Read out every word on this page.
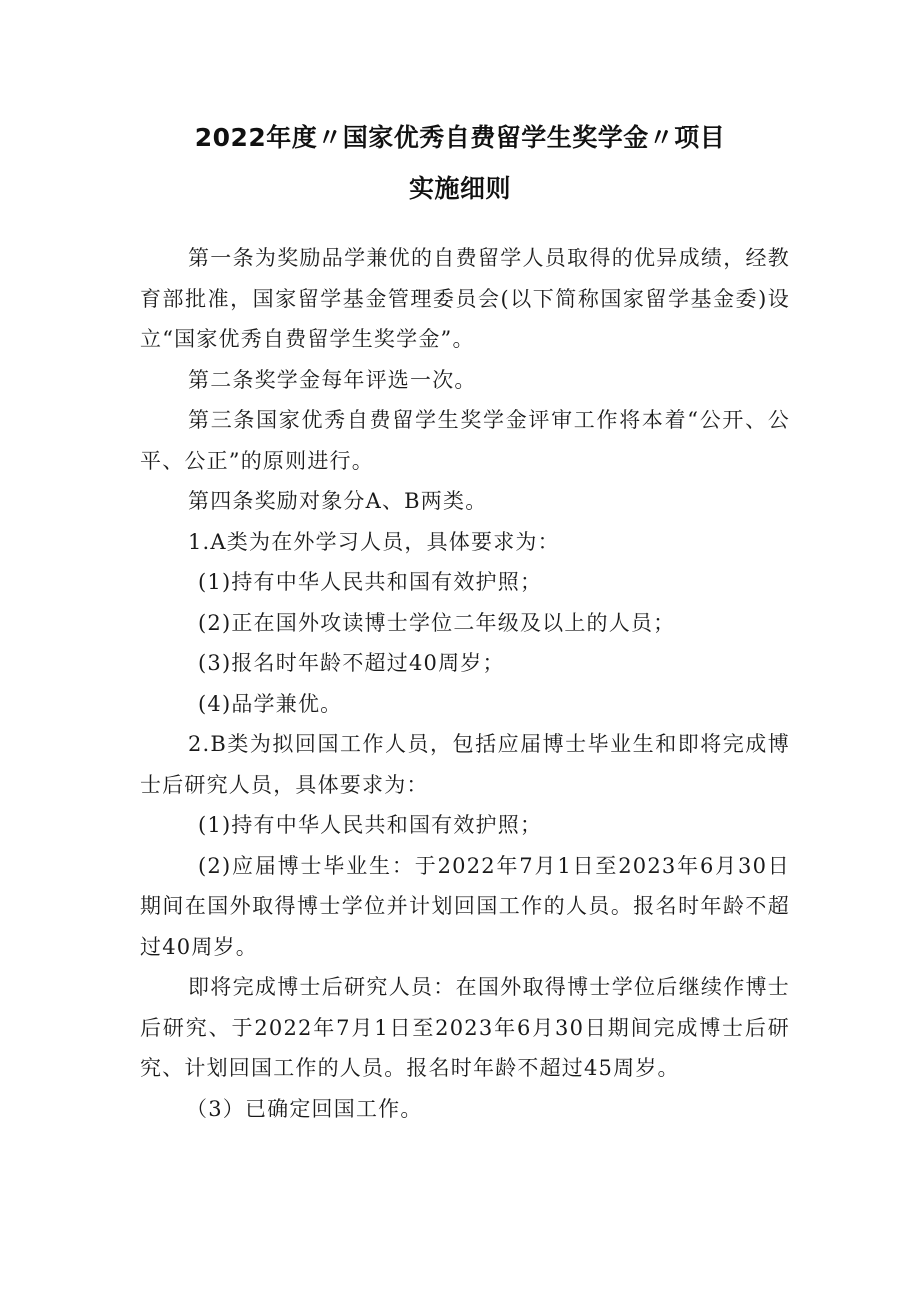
2022年度〃国家优秀自费留学生奖学金〃项目
实施细则

第一条为奖励品学兼优的自费留学人员取得的优异成绩，经教育部批准，国家留学基金管理委员会(以下简称国家留学基金委)设立“国家优秀自费留学生奖学金”。

第二条奖学金每年评选一次。

第三条国家优秀自费留学生奖学金评审工作将本着“公开、公平、公正”的原则进行。

第四条奖励对象分A、B两类。

1.A类为在外学习人员，具体要求为：

(1)持有中华人民共和国有效护照；

(2)正在国外攻读博士学位二年级及以上的人员；

(3)报名时年龄不超过40周岁；

(4)品学兼优。

2.B类为拟回国工作人员，包括应届博士毕业生和即将完成博士后研究人员，具体要求为：

(1)持有中华人民共和国有效护照；

(2)应届博士毕业生：于2022年7月1日至2023年6月30日期间在国外取得博士学位并计划回国工作的人员。报名时年龄不超过40周岁。

即将完成博士后研究人员：在国外取得博士学位后继续作博士后研究、于2022年7月1日至2023年6月30日期间完成博士后研究、计划回国工作的人员。报名时年龄不超过45周岁。

（3）已确定回国工作。
